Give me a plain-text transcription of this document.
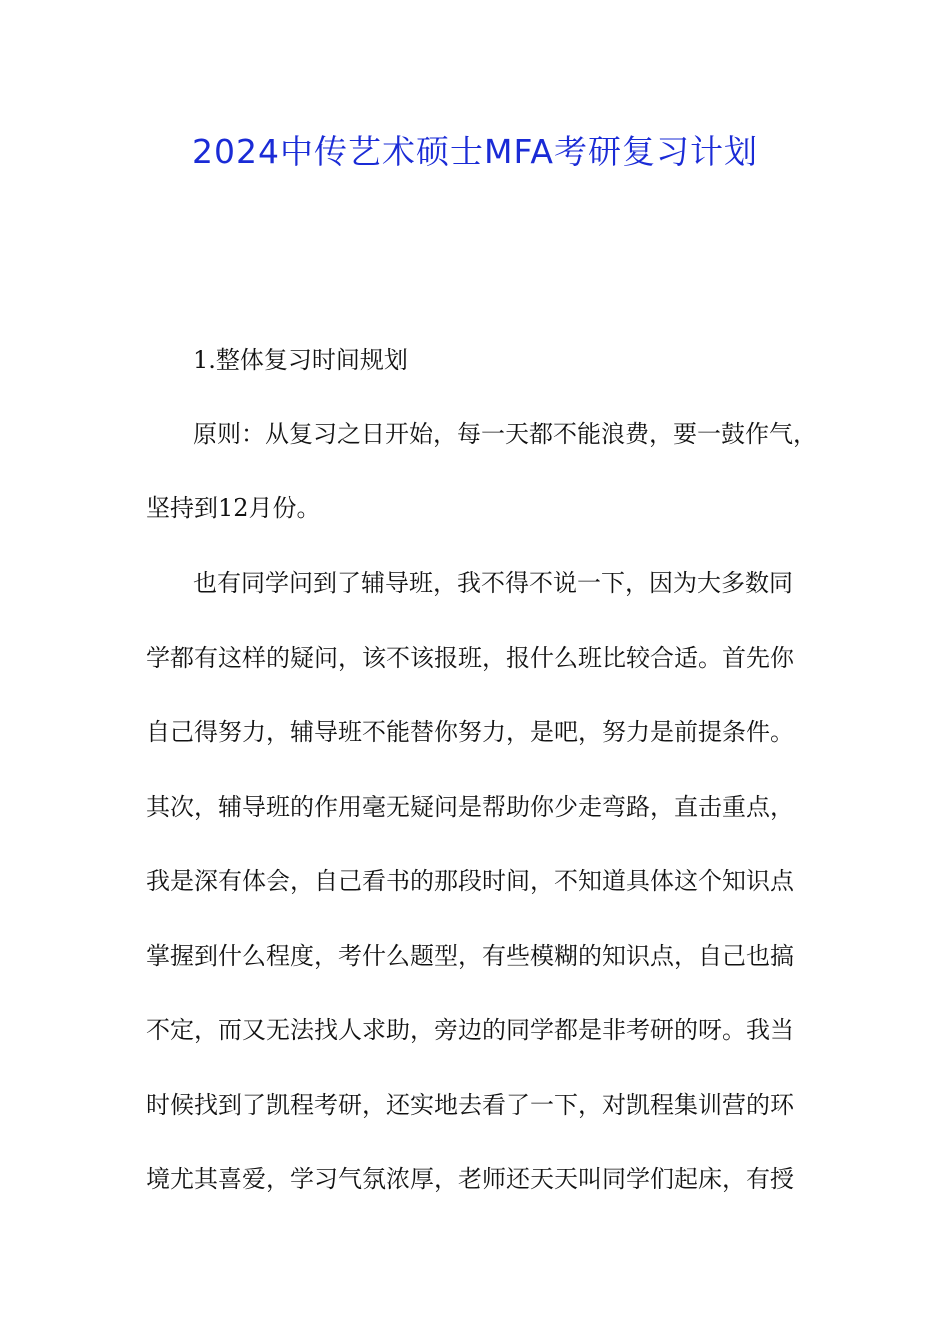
2024中传艺术硕士MFA考研复习计划
1.整体复习时间规划
原则：从复习之日开始，每一天都不能浪费，要一鼓作气，
坚持到12月份。
也有同学问到了辅导班，我不得不说一下，因为大多数同
学都有这样的疑问，该不该报班，报什么班比较合适。首先你
自己得努力，辅导班不能替你努力，是吧，努力是前提条件。
其次，辅导班的作用毫无疑问是帮助你少走弯路，直击重点，
我是深有体会，自己看书的那段时间，不知道具体这个知识点
掌握到什么程度，考什么题型，有些模糊的知识点，自己也搞
不定，而又无法找人求助，旁边的同学都是非考研的呀。我当
时候找到了凯程考研，还实地去看了一下，对凯程集训营的环
境尤其喜爱，学习气氛浓厚，老师还天天叫同学们起床，有授
